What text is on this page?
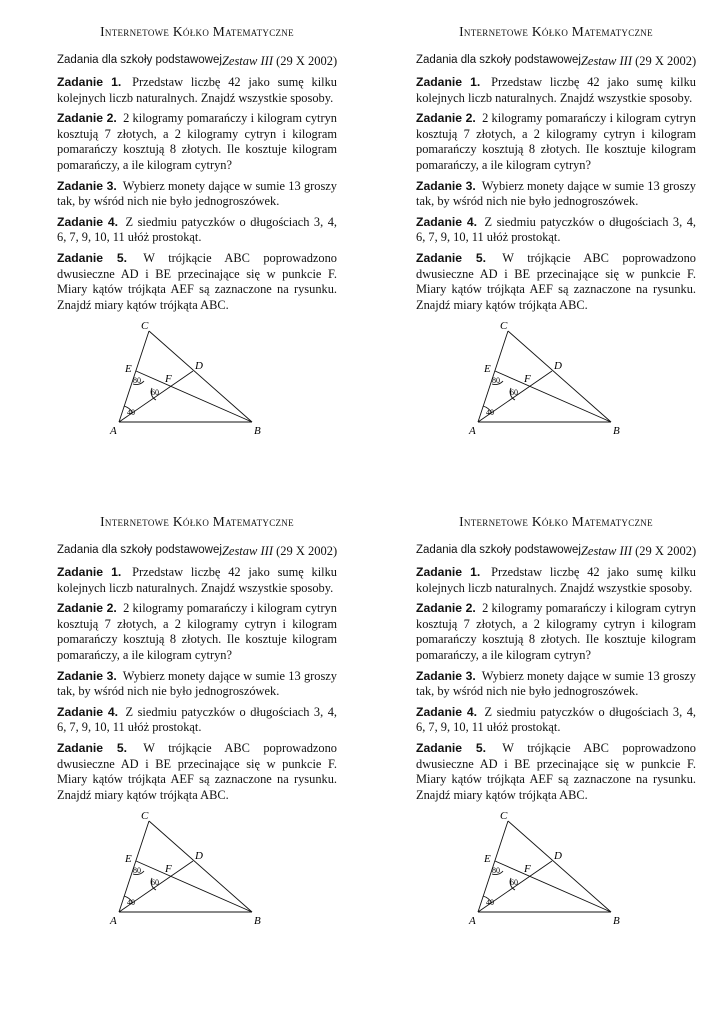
Internetowe Kółko Matematyczne
Zadania dla szkoły podstawowej Zestaw III (29 X 2002)

Zadanie 1. Przedstaw liczbę 42 jako sumę kilku kolejnych liczb naturalnych. Znajdź wszystkie sposoby.

Zadanie 2. 2 kilogramy pomarańczy i kilogram cytryn kosztują 7 złotych, a 2 kilogramy cytryn i kilogram pomarańczy kosztują 8 złotych. Ile kosztuje kilogram pomarańczy, a ile kilogram cytryn?

Zadanie 3. Wybierz monety dające w sumie 13 groszy tak, by wśród nich nie było jednogroszówek.

Zadanie 4. Z siedmiu patyczków o długościach 3, 4, 6, 7, 9, 10, 11 ułóż prostokąt.

Zadanie 5. W trójkącie ABC poprowadzono dwusieczne AD i BE przecinające się w punkcie F. Miary kątów trójkąta AEF są zaznaczone na rysunku. Znajdź miary kątów trójkąta ABC.

C
D
E
F
A	B
80
60
40
Internetowe Kółko Matematyczne
Zadania dla szkoły podstawowej Zestaw III (29 X 2002)

Zadanie 1. Przedstaw liczbę 42 jako sumę kilku kolejnych liczb naturalnych. Znajdź wszystkie sposoby.

Zadanie 2. 2 kilogramy pomarańczy i kilogram cytryn kosztują 7 złotych, a 2 kilogramy cytryn i kilogram pomarańczy kosztują 8 złotych. Ile kosztuje kilogram pomarańczy, a ile kilogram cytryn?

Zadanie 3. Wybierz monety dające w sumie 13 groszy tak, by wśród nich nie było jednogroszówek.

Zadanie 4. Z siedmiu patyczków o długościach 3, 4, 6, 7, 9, 10, 11 ułóż prostokąt.

Zadanie 5. W trójkącie ABC poprowadzono dwusieczne AD i BE przecinające się w punkcie F. Miary kątów trójkąta AEF są zaznaczone na rysunku. Znajdź miary kątów trójkąta ABC.

C
D
E
F
A	B
80
60
40
Internetowe Kółko Matematyczne
Zadania dla szkoły podstawowej Zestaw III (29 X 2002)

Zadanie 1. Przedstaw liczbę 42 jako sumę kilku kolejnych liczb naturalnych. Znajdź wszystkie sposoby.

Zadanie 2. 2 kilogramy pomarańczy i kilogram cytryn kosztują 7 złotych, a 2 kilogramy cytryn i kilogram pomarańczy kosztują 8 złotych. Ile kosztuje kilogram pomarańczy, a ile kilogram cytryn?

Zadanie 3. Wybierz monety dające w sumie 13 groszy tak, by wśród nich nie było jednogroszówek.

Zadanie 4. Z siedmiu patyczków o długościach 3, 4, 6, 7, 9, 10, 11 ułóż prostokąt.

Zadanie 5. W trójkącie ABC poprowadzono dwusieczne AD i BE przecinające się w punkcie F. Miary kątów trójkąta AEF są zaznaczone na rysunku. Znajdź miary kątów trójkąta ABC.

C
D
E
F
A	B
80
60
40
Internetowe Kółko Matematyczne
Zadania dla szkoły podstawowej Zestaw III (29 X 2002)

Zadanie 1. Przedstaw liczbę 42 jako sumę kilku kolejnych liczb naturalnych. Znajdź wszystkie sposoby.

Zadanie 2. 2 kilogramy pomarańczy i kilogram cytryn kosztują 7 złotych, a 2 kilogramy cytryn i kilogram pomarańczy kosztują 8 złotych. Ile kosztuje kilogram pomarańczy, a ile kilogram cytryn?

Zadanie 3. Wybierz monety dające w sumie 13 groszy tak, by wśród nich nie było jednogroszówek.

Zadanie 4. Z siedmiu patyczków o długościach 3, 4, 6, 7, 9, 10, 11 ułóż prostokąt.

Zadanie 5. W trójkącie ABC poprowadzono dwusieczne AD i BE przecinające się w punkcie F. Miary kątów trójkąta AEF są zaznaczone na rysunku. Znajdź miary kątów trójkąta ABC.

C
D
E
F
A	B
80
60
40
